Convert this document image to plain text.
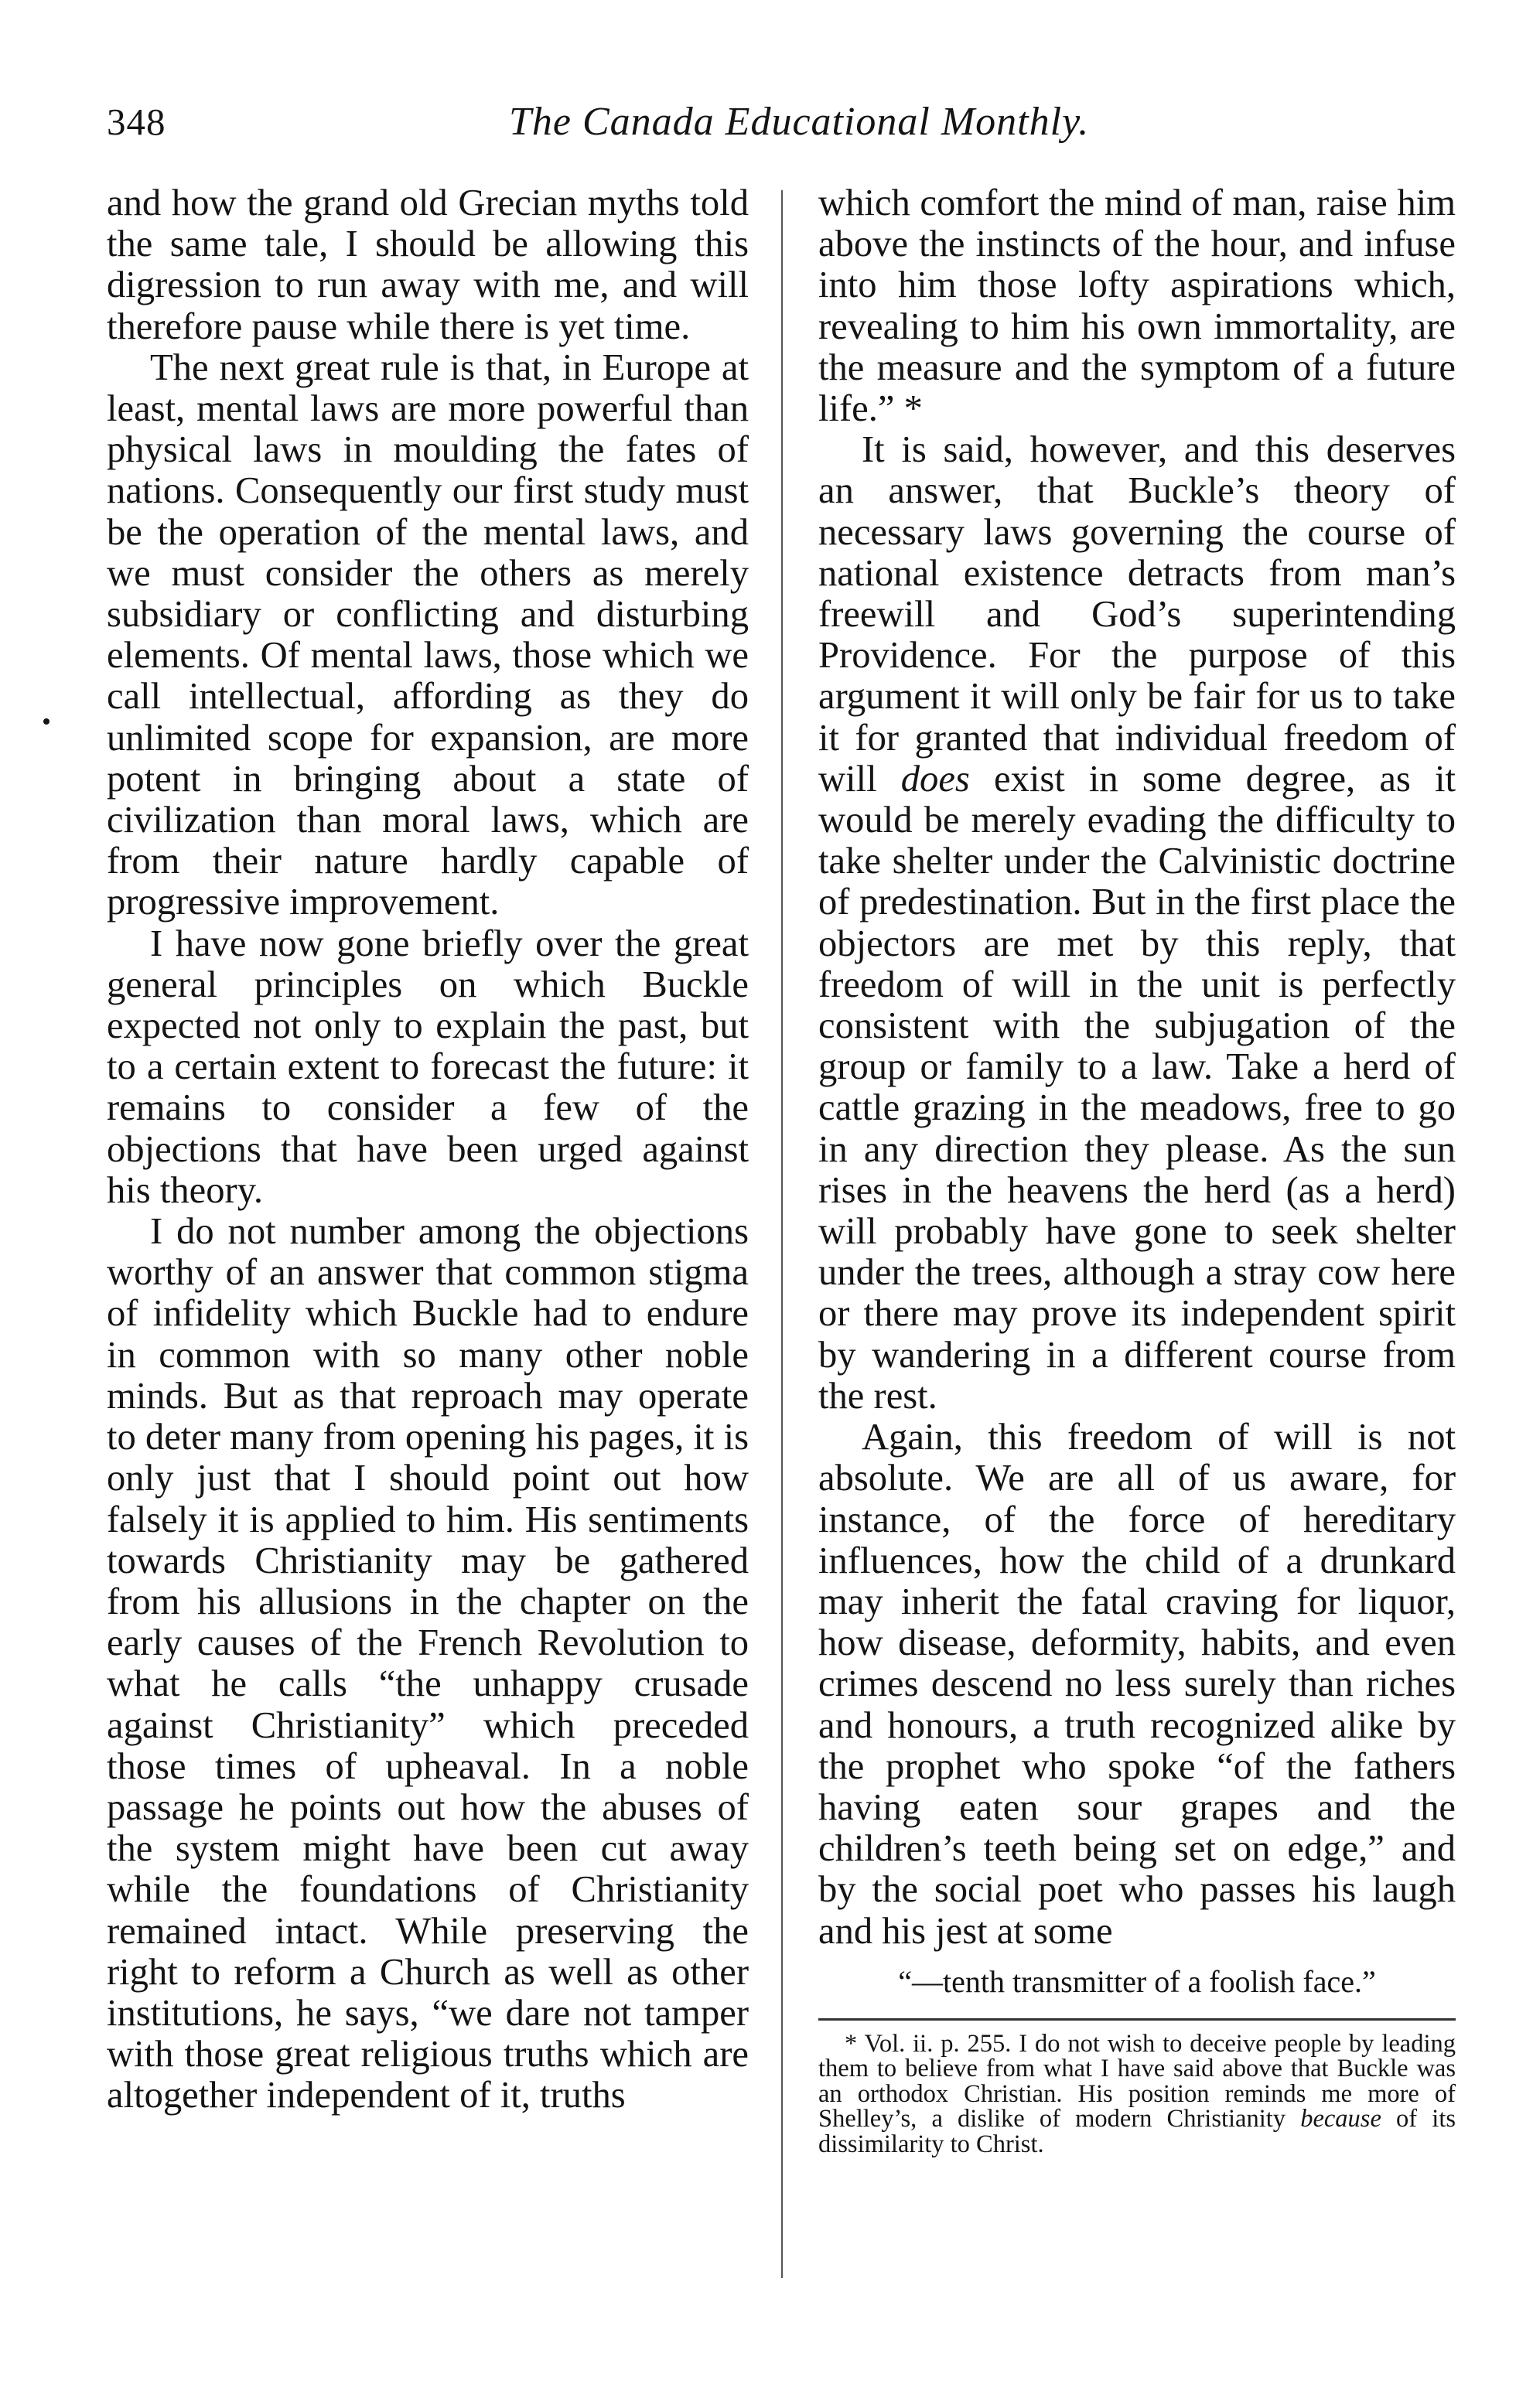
348	The Canada Educational Monthly.

and how the grand old Grecian myths told the same tale, I should be allowing this digression to run away with me, and will therefore pause while there is yet time.

The next great rule is that, in Europe at least, mental laws are more powerful than physical laws in moulding the fates of nations. Consequently our first study must be the operation of the mental laws, and we must consider the others as merely subsidiary or conflicting and disturbing elements. Of mental laws, those which we call intellectual, affording as they do unlimited scope for expansion, are more potent in bringing about a state of civilization than moral laws, which are from their nature hardly capable of progressive improvement.

I have now gone briefly over the great general principles on which Buckle expected not only to explain the past, but to a certain extent to forecast the future: it remains to consider a few of the objections that have been urged against his theory.

I do not number among the objections worthy of an answer that common stigma of infidelity which Buckle had to endure in common with so many other noble minds. But as that reproach may operate to deter many from opening his pages, it is only just that I should point out how falsely it is applied to him. His sentiments towards Christianity may be gathered from his allusions in the chapter on the early causes of the French Revolution to what he calls “the unhappy crusade against Christianity” which preceded those times of upheaval. In a noble passage he points out how the abuses of the system might have been cut away while the foundations of Christianity remained intact. While preserving the right to reform a Church as well as other institutions, he says, “we dare not tamper with those great religious truths which are altogether independent of it, truths

which comfort the mind of man, raise him above the instincts of the hour, and infuse into him those lofty aspirations which, revealing to him his own immortality, are the measure and the symptom of a future life.” *

It is said, however, and this deserves an answer, that Buckle’s theory of necessary laws governing the course of national existence detracts from man’s freewill and God’s superintending Providence. For the purpose of this argument it will only be fair for us to take it for granted that individual freedom of will does exist in some degree, as it would be merely evading the difficulty to take shelter under the Calvinistic doctrine of predestination. But in the first place the objectors are met by this reply, that freedom of will in the unit is perfectly consistent with the subjugation of the group or family to a law. Take a herd of cattle grazing in the meadows, free to go in any direction they please. As the sun rises in the heavens the herd (as a herd) will probably have gone to seek shelter under the trees, although a stray cow here or there may prove its independent spirit by wandering in a different course from the rest.

Again, this freedom of will is not absolute. We are all of us aware, for instance, of the force of hereditary influences, how the child of a drunkard may inherit the fatal craving for liquor, how disease, deformity, habits, and even crimes descend no less surely than riches and honours, a truth recognized alike by the prophet who spoke “of the fathers having eaten sour grapes and the children’s teeth being set on edge,” and by the social poet who passes his laugh and his jest at some

“—tenth transmitter of a foolish face.”

* Vol. ii. p. 255. I do not wish to deceive people by leading them to believe from what I have said above that Buckle was an orthodox Christian. His position reminds me more of Shelley’s, a dislike of modern Christianity because of its dissimilarity to Christ.
